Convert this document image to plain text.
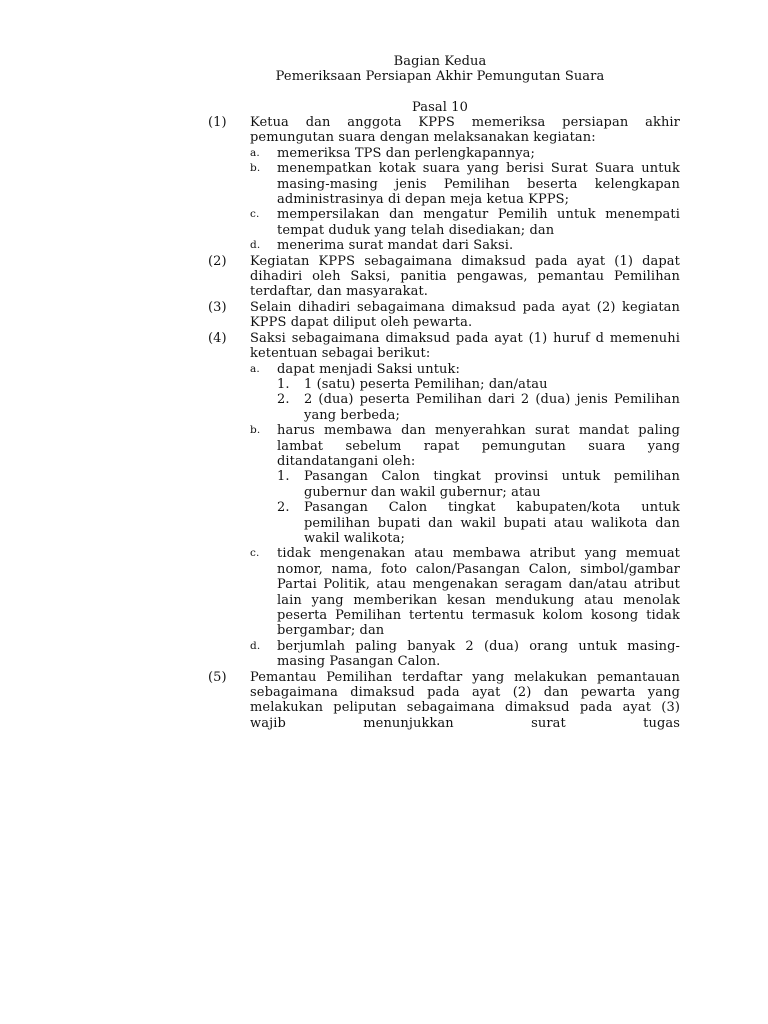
Bagian Kedua
Pemeriksaan Persiapan Akhir Pemungutan Suara
Pasal 10
(1)	Ketua dan anggota KPPS memeriksa persiapan akhir pemungutan suara dengan melaksanakan kegiatan:
a.	memeriksa TPS dan perlengkapannya;
b.	menempatkan kotak suara yang berisi Surat Suara untuk masing-masing jenis Pemilihan beserta kelengkapan administrasinya di depan meja ketua KPPS;
c.	mempersilakan dan mengatur Pemilih untuk menempati tempat duduk yang telah disediakan; dan
d.	menerima surat mandat dari Saksi.
(2)	Kegiatan KPPS sebagaimana dimaksud pada ayat (1) dapat dihadiri oleh Saksi, panitia pengawas, pemantau Pemilihan terdaftar, dan masyarakat.
(3)	Selain dihadiri sebagaimana dimaksud pada ayat (2) kegiatan KPPS dapat diliput oleh pewarta.
(4)	Saksi sebagaimana dimaksud pada ayat (1) huruf d memenuhi ketentuan sebagai berikut:
a.	dapat menjadi Saksi untuk:
1.	1 (satu) peserta Pemilihan; dan/atau
2.	2 (dua) peserta Pemilihan dari 2 (dua) jenis Pemilihan yang berbeda;
b.	harus membawa dan menyerahkan surat mandat paling lambat sebelum rapat pemungutan suara yang ditandatangani oleh:
1.	Pasangan Calon tingkat provinsi untuk pemilihan gubernur dan wakil gubernur; atau
2.	Pasangan Calon tingkat kabupaten/kota untuk pemilihan bupati dan wakil bupati atau walikota dan wakil walikota;
c.	tidak mengenakan atau membawa atribut yang memuat nomor, nama, foto calon/Pasangan Calon, simbol/gambar Partai Politik, atau mengenakan seragam dan/atau atribut lain yang memberikan kesan mendukung atau menolak peserta Pemilihan tertentu termasuk kolom kosong tidak bergambar; dan
d.	berjumlah paling banyak 2 (dua) orang untuk masing-masing Pasangan Calon.
(5)	Pemantau Pemilihan terdaftar yang melakukan pemantauan sebagaimana dimaksud pada ayat (2) dan pewarta yang melakukan peliputan sebagaimana dimaksud pada ayat (3) wajib menunjukkan surat tugas
